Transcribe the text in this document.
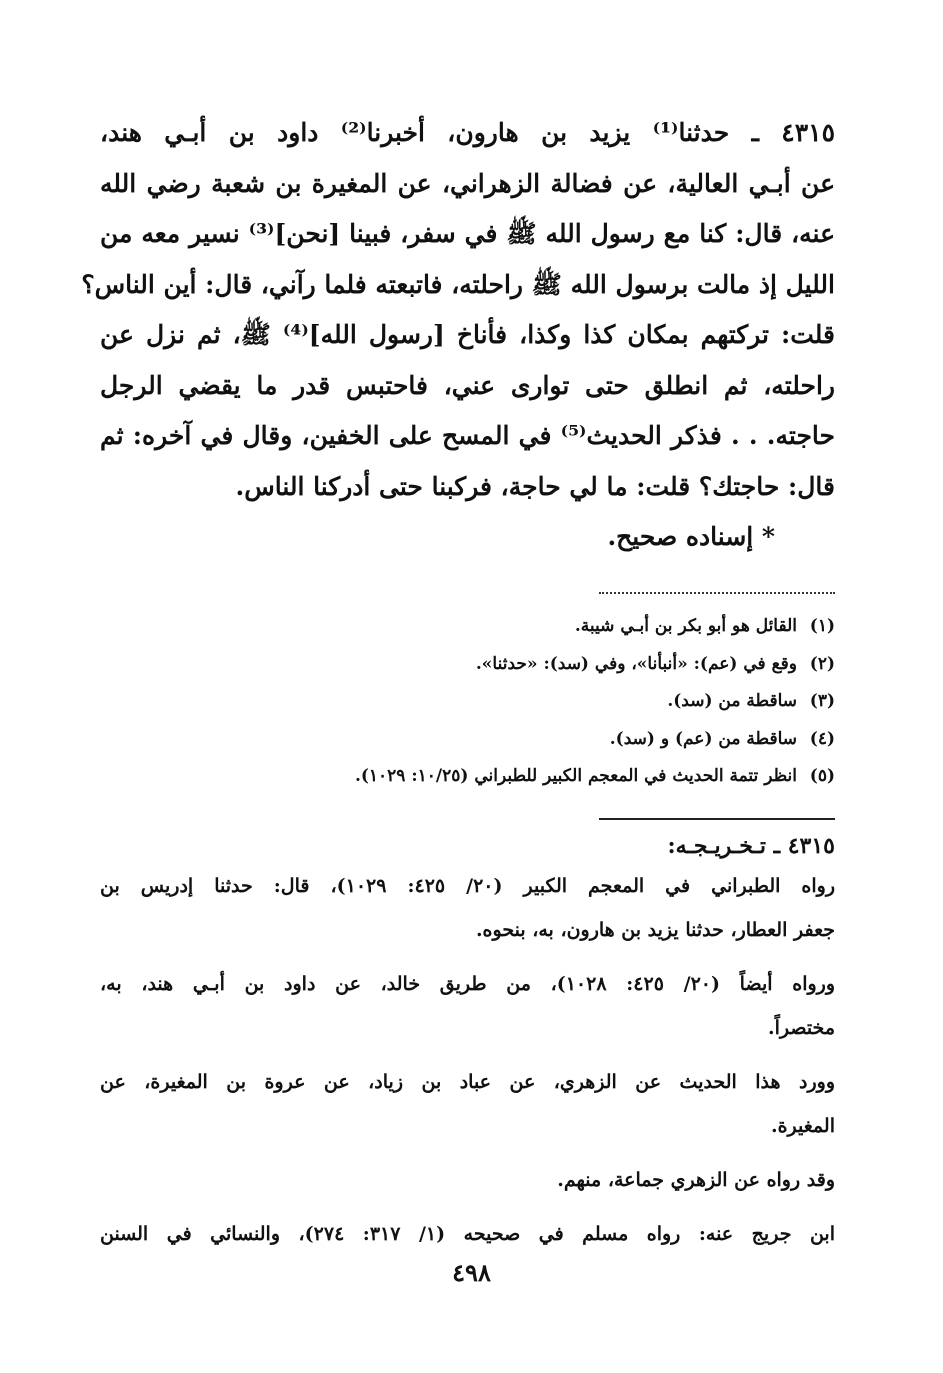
٤٣١٥ ـ حدثنا⁽¹⁾ يزيد بن هارون، أخبرنا⁽²⁾ داود بن أبـي هند،
عن أبـي العالية، عن فضالة الزهراني، عن المغيرة بن شعبة رضي الله
عنه، قال: كنا مع رسول الله ﷺ في سفر، فبينا [نحن]⁽³⁾ نسير معه من
الليل إذ مالت برسول الله ﷺ راحلته، فاتبعته فلما رآني، قال: أين الناس؟
قلت: تركتهم بمكان كذا وكذا، فأناخ [رسول الله]⁽⁴⁾ ﷺ، ثم نزل عن
راحلته، ثم انطلق حتى توارى عني، فاحتبس قدر ما يقضي الرجل
حاجته. . . فذكر الحديث⁽⁵⁾ في المسح على الخفين، وقال في آخره: ثم
قال: حاجتك؟ قلت: ما لي حاجة، فركبنا حتى أدركنا الناس.
* إسناده صحيح.
(١)
القائل هو أبو بكر بن أبـي شيبة.
(٢)
وقع في (عم): «أنبأنا»، وفي (سد): «حدثنا».
(٣)
ساقطة من (سد).
(٤)
ساقطة من (عم) و (سد).
(٥)
انظر تتمة الحديث في المعجم الكبير للطبراني (١٠/٢٥: ١٠٢٩).
٤٣١٥ ـ تـخـريـجـه:
رواه الطبراني في المعجم الكبير (٢٠/ ٤٢٥: ١٠٢٩)، قال: حدثنا إدريس بن
جعفر العطار، حدثنا يزيد بن هارون، به، بنحوه.
ورواه أيضاً (٢٠/ ٤٢٥: ١٠٢٨)، من طريق خالد، عن داود بن أبـي هند، به،
مختصراً.
وورد هذا الحديث عن الزهري، عن عباد بن زياد، عن عروة بن المغيرة، عن
المغيرة.
وقد رواه عن الزهري جماعة، منهم.
ابن جريج عنه: رواه مسلم في صحيحه (١/ ٣١٧: ٢٧٤)، والنسائي في السنن
٤٩٨
